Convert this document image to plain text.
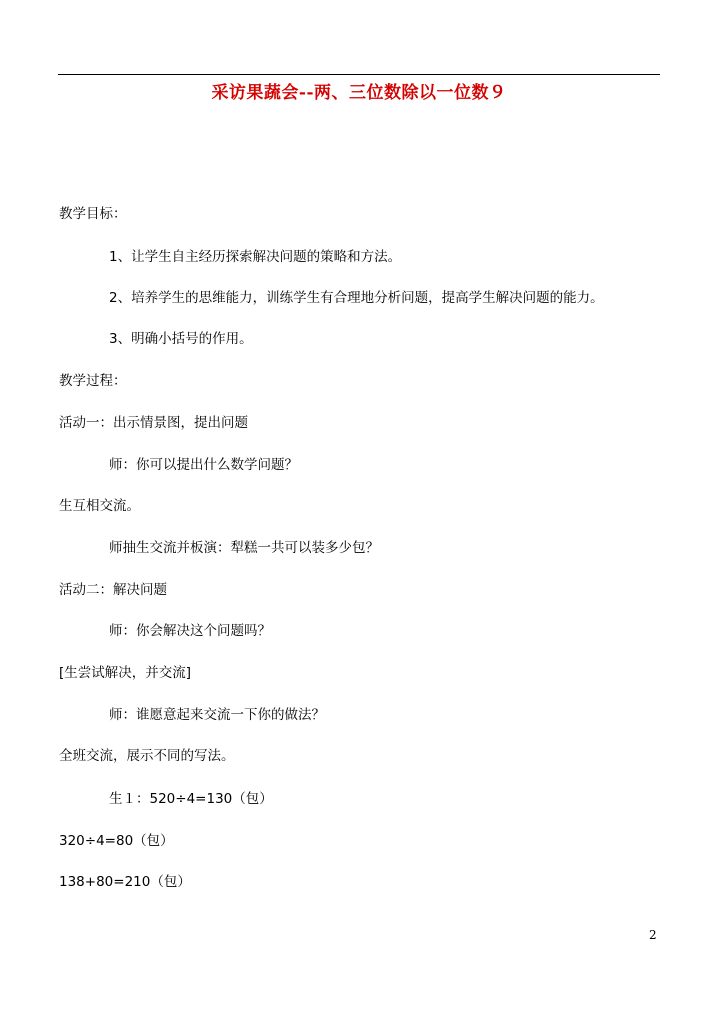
采访果蔬会--两、三位数除以一位数９
教学目标：
1、让学生自主经历探索解决问题的策略和方法。
2、培养学生的思维能力，训练学生有合理地分析问题，提高学生解决问题的能力。
3、明确小括号的作用。
教学过程：
活动一：出示情景图，提出问题
师：你可以提出什么数学问题？
生互相交流。
师抽生交流并板演：犁糕一共可以装多少包？
活动二：解决问题
师：你会解决这个问题吗？
[生尝试解决，并交流]
师：谁愿意起来交流一下你的做法？
全班交流，展示不同的写法。
生１：520÷4=130（包）
320÷4=80（包）
138+80=210（包）
2
